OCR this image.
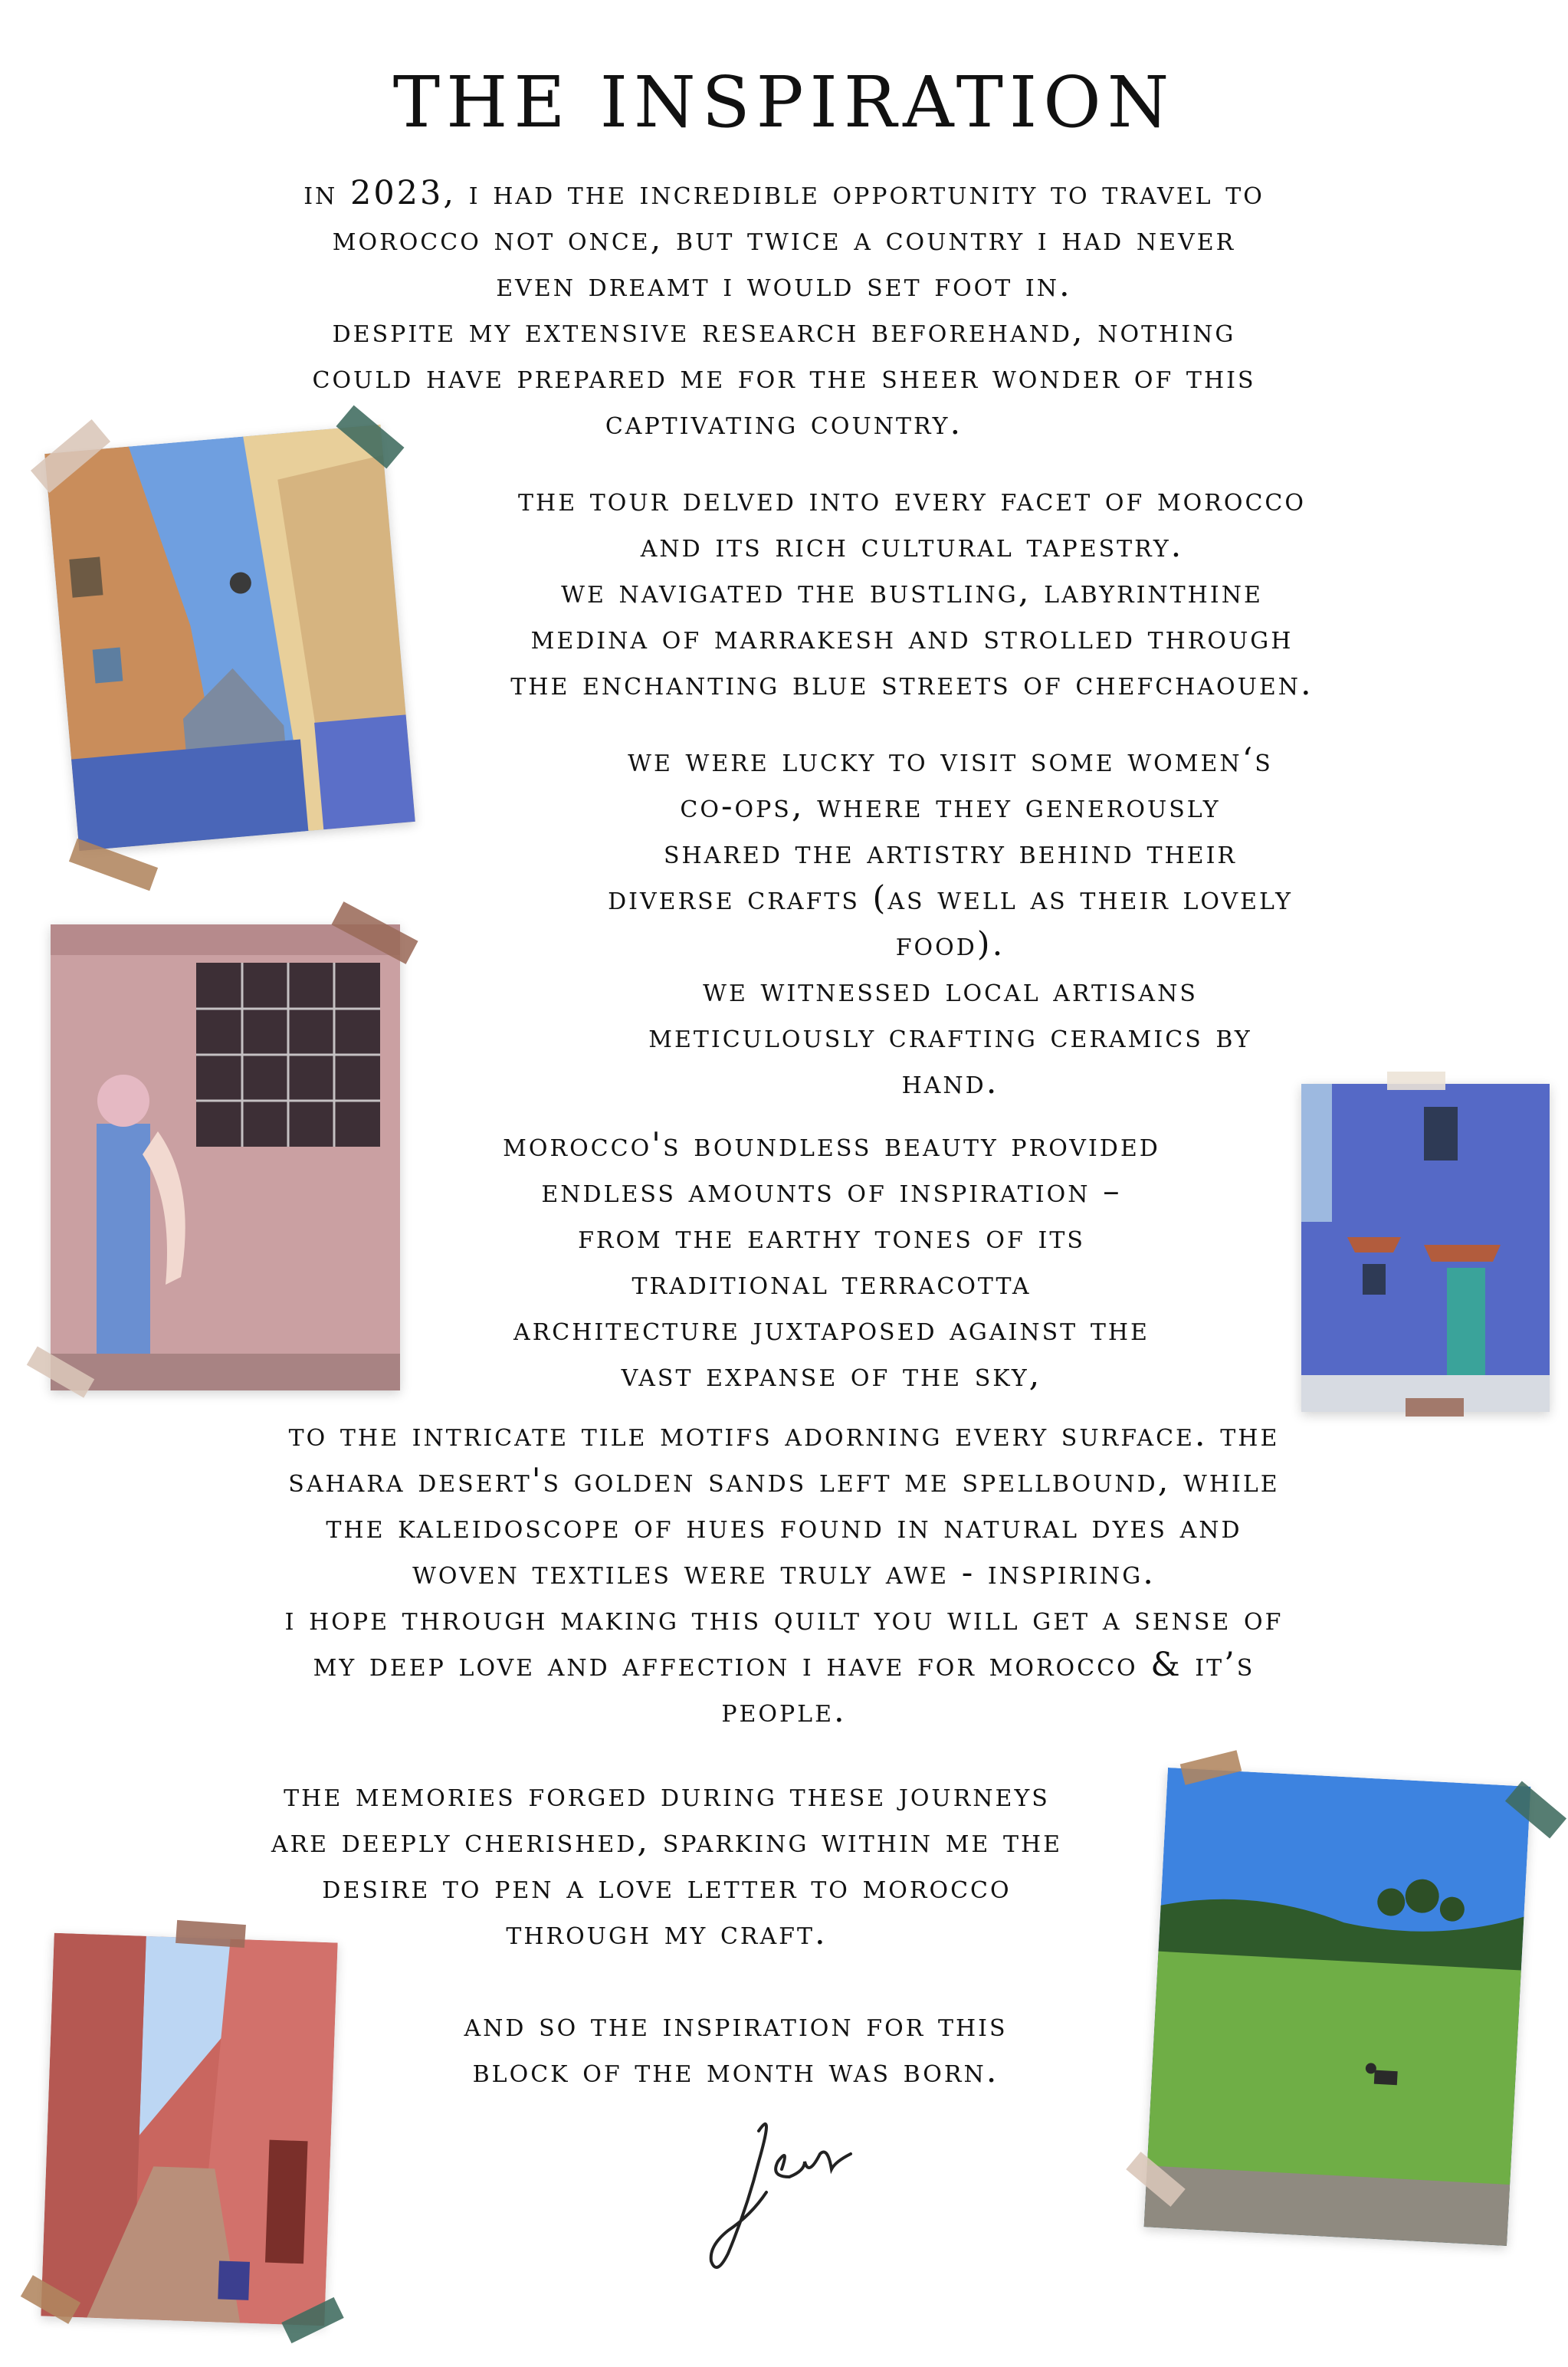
THE INSPIRATION
in 2023, i had the incredible opportunity to travel to
morocco not once, but twice a country i had never
even dreamt i would set foot in.
despite my extensive research beforehand, nothing
could have prepared me for the sheer wonder of this
captivating country.
the tour delved into every facet of morocco
and its rich cultural tapestry.
we navigated the bustling, labyrinthine
medina of marrakesh and strolled through
the enchanting blue streets of chefchaouen.
we were lucky to visit some women‘s
co-ops, where they generously
shared the artistry behind their
diverse crafts (as well as their lovely
food).
we witnessed local artisans
meticulously crafting ceramics by
hand.
morocco's boundless beauty provided
endless amounts of inspiration –
from the earthy tones of its
traditional terracotta
architecture juxtaposed against the
vast expanse of the sky,
to the intricate tile motifs adorning every surface. the
sahara desert's golden sands left me spellbound, while
the kaleidoscope of hues found in natural dyes and
woven textiles were truly awe - inspiring.
i hope through making this quilt you will get a sense of
my deep love and affection i have for morocco & it’s
people.
the memories forged during these journeys
are deeply cherished, sparking within me the
desire to pen a love letter to morocco
through my craft.
and so the inspiration for this
block of the month was born.
